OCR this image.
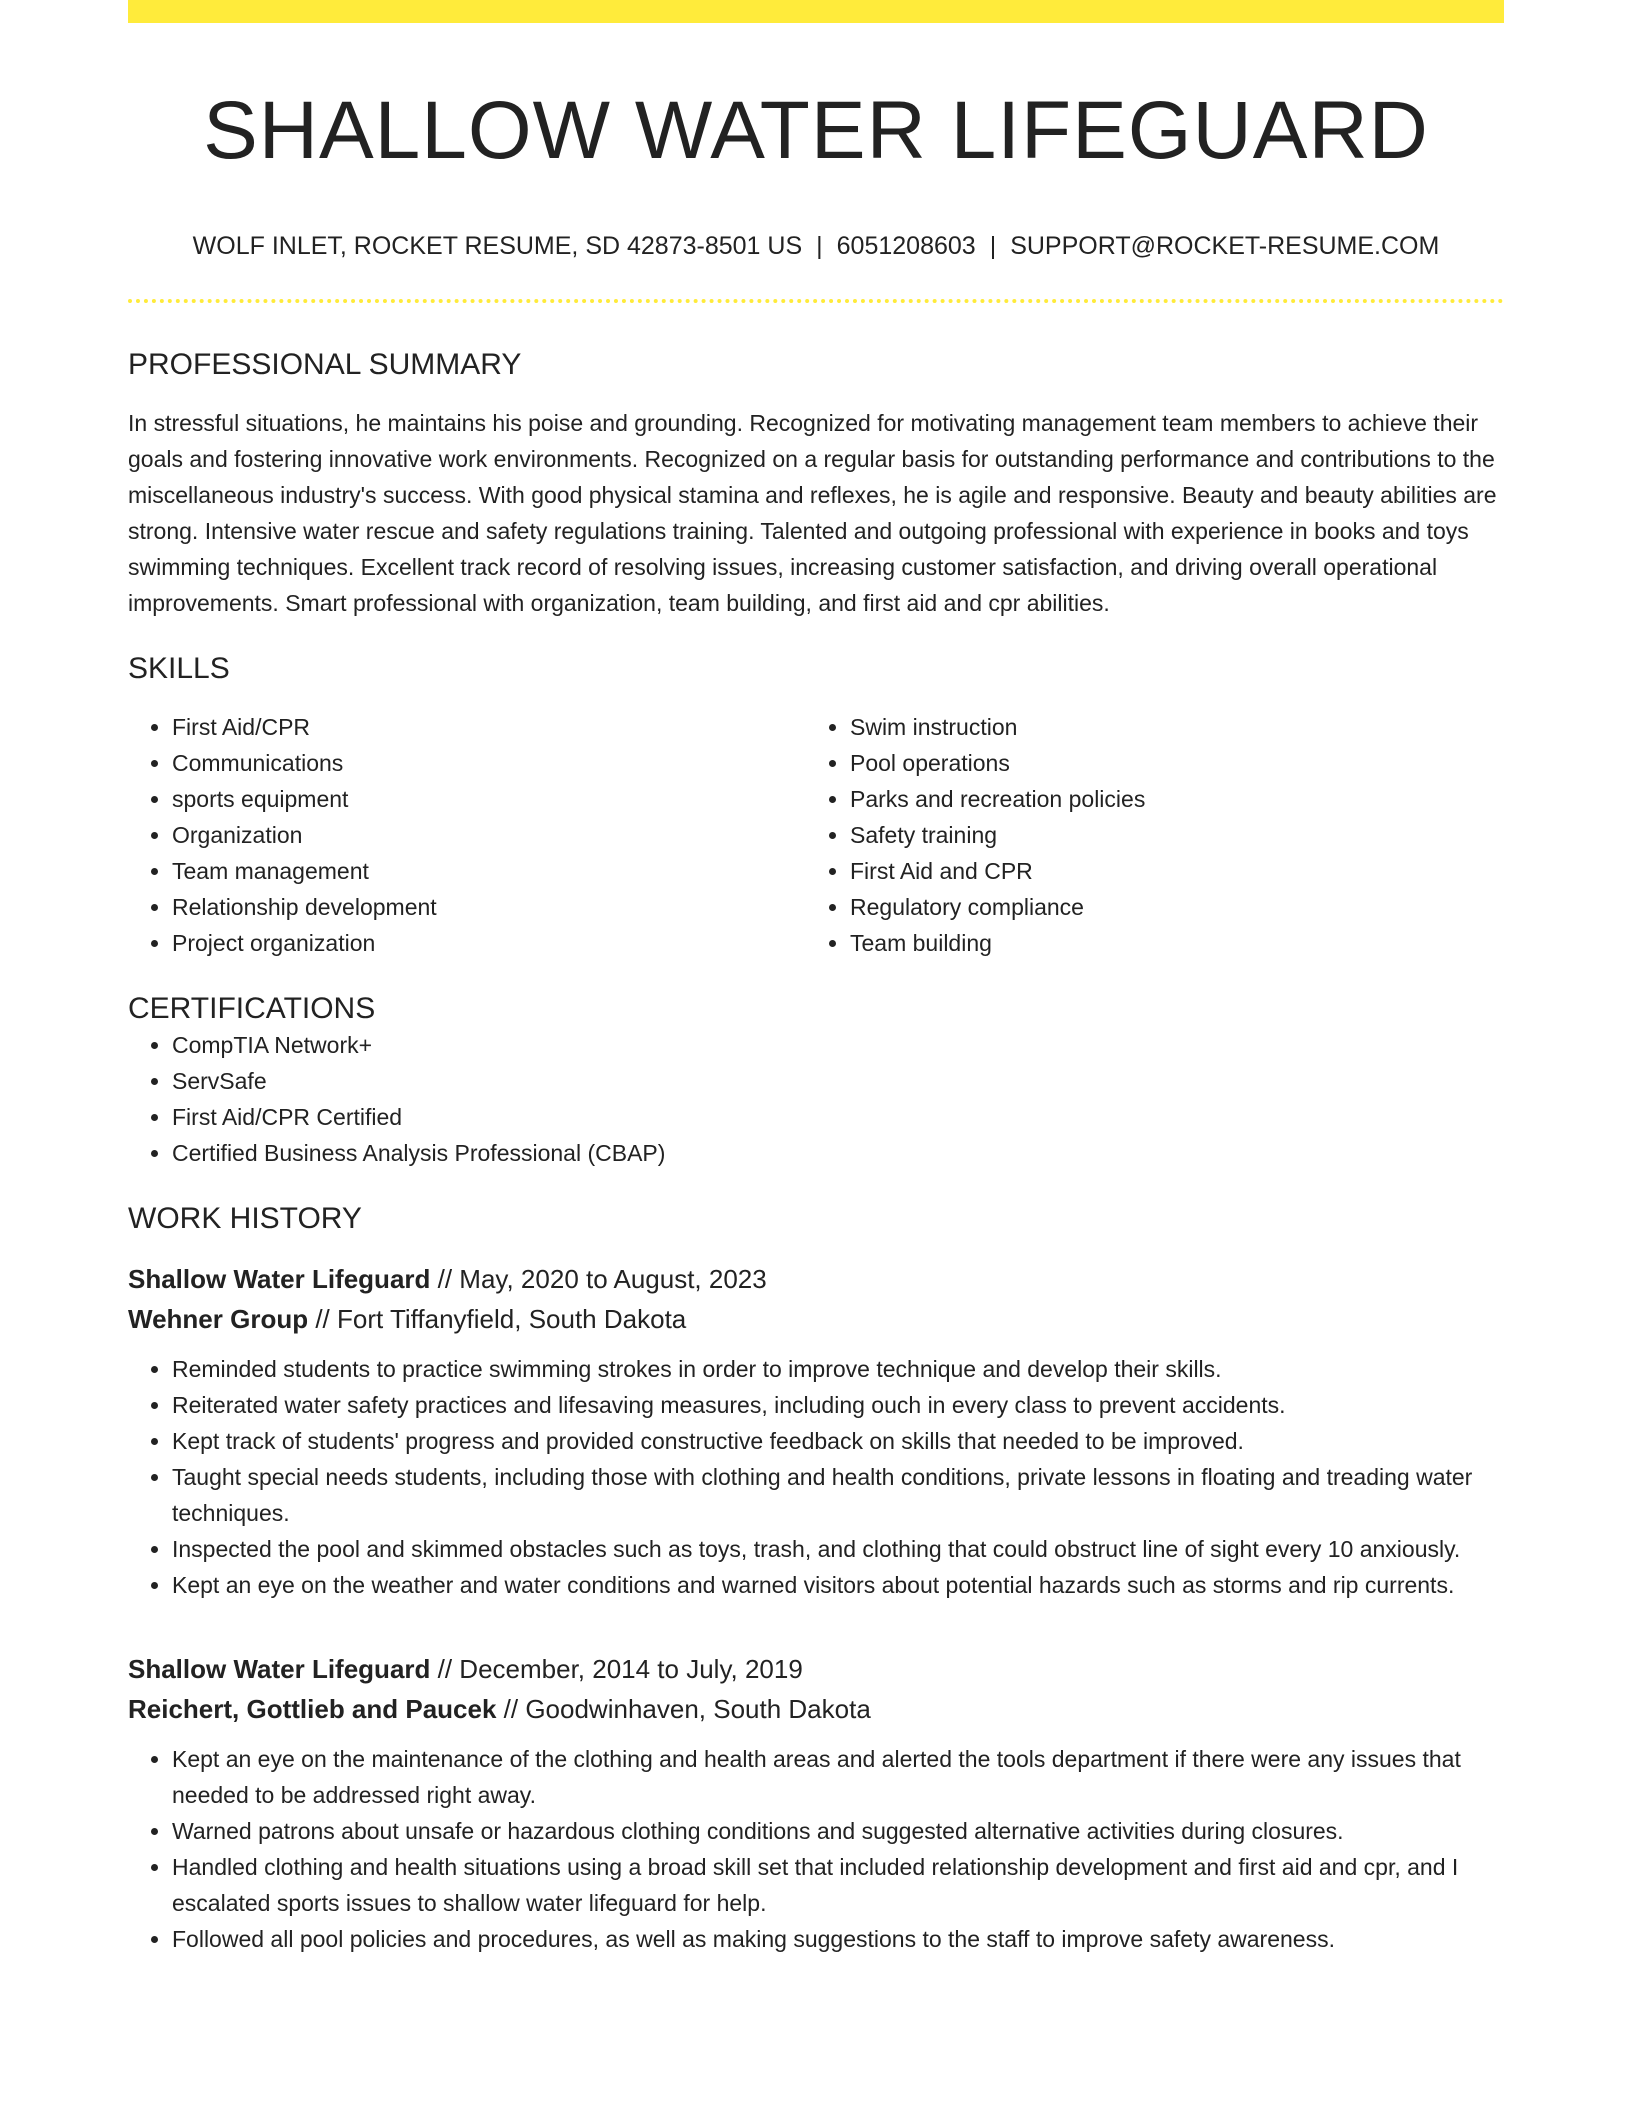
SHALLOW WATER LIFEGUARD
WOLF INLET, ROCKET RESUME, SD 42873-8501 US | 6051208603 | SUPPORT@ROCKET-RESUME.COM
PROFESSIONAL SUMMARY

In stressful situations, he maintains his poise and grounding. Recognized for motivating management team members to achieve their goals and fostering innovative work environments. Recognized on a regular basis for outstanding performance and contributions to the miscellaneous industry's success. With good physical stamina and reflexes, he is agile and responsive. Beauty and beauty abilities are strong. Intensive water rescue and safety regulations training. Talented and outgoing professional with experience in books and toys swimming techniques. Excellent track record of resolving issues, increasing customer satisfaction, and driving overall operational improvements. Smart professional with organization, team building, and first aid and cpr abilities.

SKILLS
• First Aid/CPR
• Communications
• sports equipment
• Organization
• Team management
• Relationship development
• Project organization
• Swim instruction
• Pool operations
• Parks and recreation policies
• Safety training
• First Aid and CPR
• Regulatory compliance
• Team building
CERTIFICATIONS
• CompTIA Network+
• ServSafe
• First Aid/CPR Certified
• Certified Business Analysis Professional (CBAP)
WORK HISTORY
Shallow Water Lifeguard // May, 2020 to August, 2023
Wehner Group // Fort Tiffanyfield, South Dakota
• Reminded students to practice swimming strokes in order to improve technique and develop their skills.
• Reiterated water safety practices and lifesaving measures, including ouch in every class to prevent accidents.
• Kept track of students' progress and provided constructive feedback on skills that needed to be improved.
• Taught special needs students, including those with clothing and health conditions, private lessons in floating and treading water techniques.
• Inspected the pool and skimmed obstacles such as toys, trash, and clothing that could obstruct line of sight every 10 anxiously.
• Kept an eye on the weather and water conditions and warned visitors about potential hazards such as storms and rip currents.
Shallow Water Lifeguard // December, 2014 to July, 2019
Reichert, Gottlieb and Paucek // Goodwinhaven, South Dakota
• Kept an eye on the maintenance of the clothing and health areas and alerted the tools department if there were any issues that needed to be addressed right away.
• Warned patrons about unsafe or hazardous clothing conditions and suggested alternative activities during closures.
• Handled clothing and health situations using a broad skill set that included relationship development and first aid and cpr, and I escalated sports issues to shallow water lifeguard for help.
• Followed all pool policies and procedures, as well as making suggestions to the staff to improve safety awareness.
